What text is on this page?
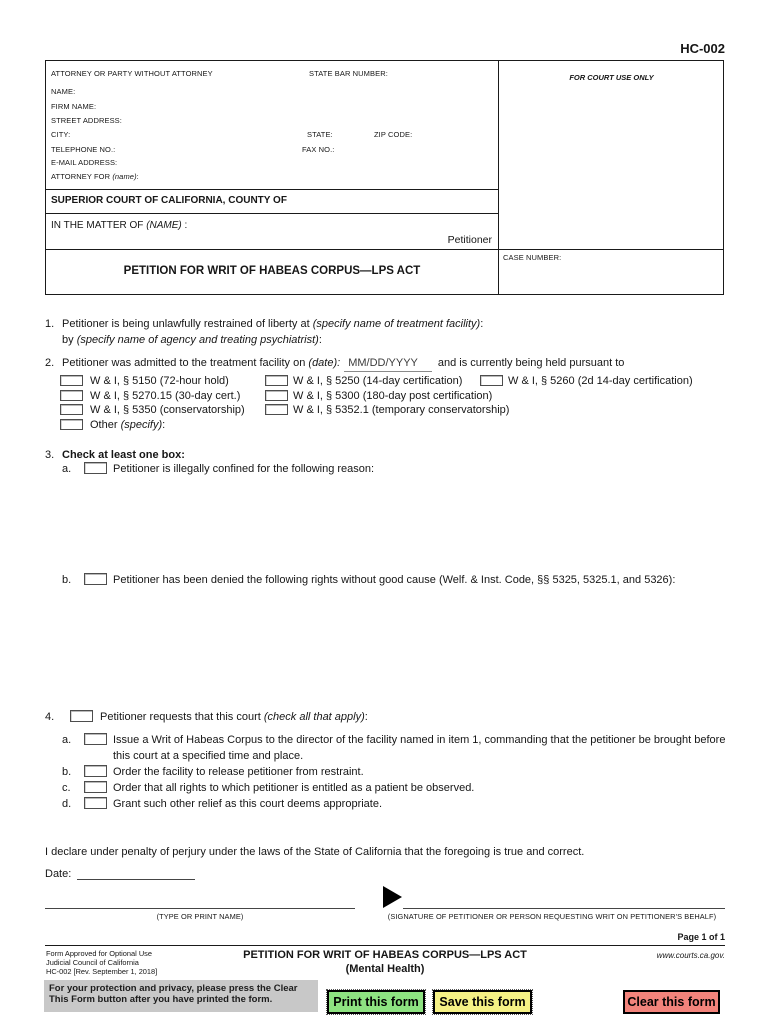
HC-002
ATTORNEY OR PARTY WITHOUT ATTORNEY	STATE BAR NUMBER:
NAME:
FIRM NAME:
STREET ADDRESS:
CITY:	STATE:	ZIP CODE:
TELEPHONE NO.:	FAX NO.:
E-MAIL ADDRESS:
ATTORNEY FOR (name):
FOR COURT USE ONLY
SUPERIOR COURT OF CALIFORNIA, COUNTY OF
IN THE MATTER OF (NAME) :
Petitioner
PETITION FOR WRIT OF HABEAS CORPUS—LPS ACT
CASE NUMBER:
1. Petitioner is being unlawfully restrained of liberty at (specify name of treatment facility):
by (specify name of agency and treating psychiatrist):
2. Petitioner was admitted to the treatment facility on (date): MM/DD/YYYY and is currently being held pursuant to
W & I, § 5150 (72-hour hold)	W & I, § 5250 (14-day certification)	W & I, § 5260 (2d 14-day certification)
W & I, § 5270.15 (30-day cert.)	W & I, § 5300 (180-day post certification)
W & I, § 5350 (conservatorship)	W & I, § 5352.1 (temporary conservatorship)
Other (specify):
3. Check at least one box:
a.	Petitioner is illegally confined for the following reason:
b.	Petitioner has been denied the following rights without good cause (Welf. & Inst. Code, §§ 5325, 5325.1, and 5326):
4.	Petitioner requests that this court (check all that apply):
a.	Issue a Writ of Habeas Corpus to the director of the facility named in item 1, commanding that the petitioner be brought before this court at a specified time and place.
b.	Order the facility to release petitioner from restraint.
c.	Order that all rights to which petitioner is entitled as a patient be observed.
d.	Grant such other relief as this court deems appropriate.
I declare under penalty of perjury under the laws of the State of California that the foregoing is true and correct.
Date:
(TYPE OR PRINT NAME)	(SIGNATURE OF PETITIONER OR PERSON REQUESTING WRIT ON PETITIONER'S BEHALF)
Page 1 of 1
Form Approved for Optional Use
Judicial Council of California
HC-002 [Rev. September 1, 2018]
PETITION FOR WRIT OF HABEAS CORPUS—LPS ACT
(Mental Health)
www.courts.ca.gov.
For your protection and privacy, please press the Clear This Form button after you have printed the form.	Print this form	Save this form	Clear this form
